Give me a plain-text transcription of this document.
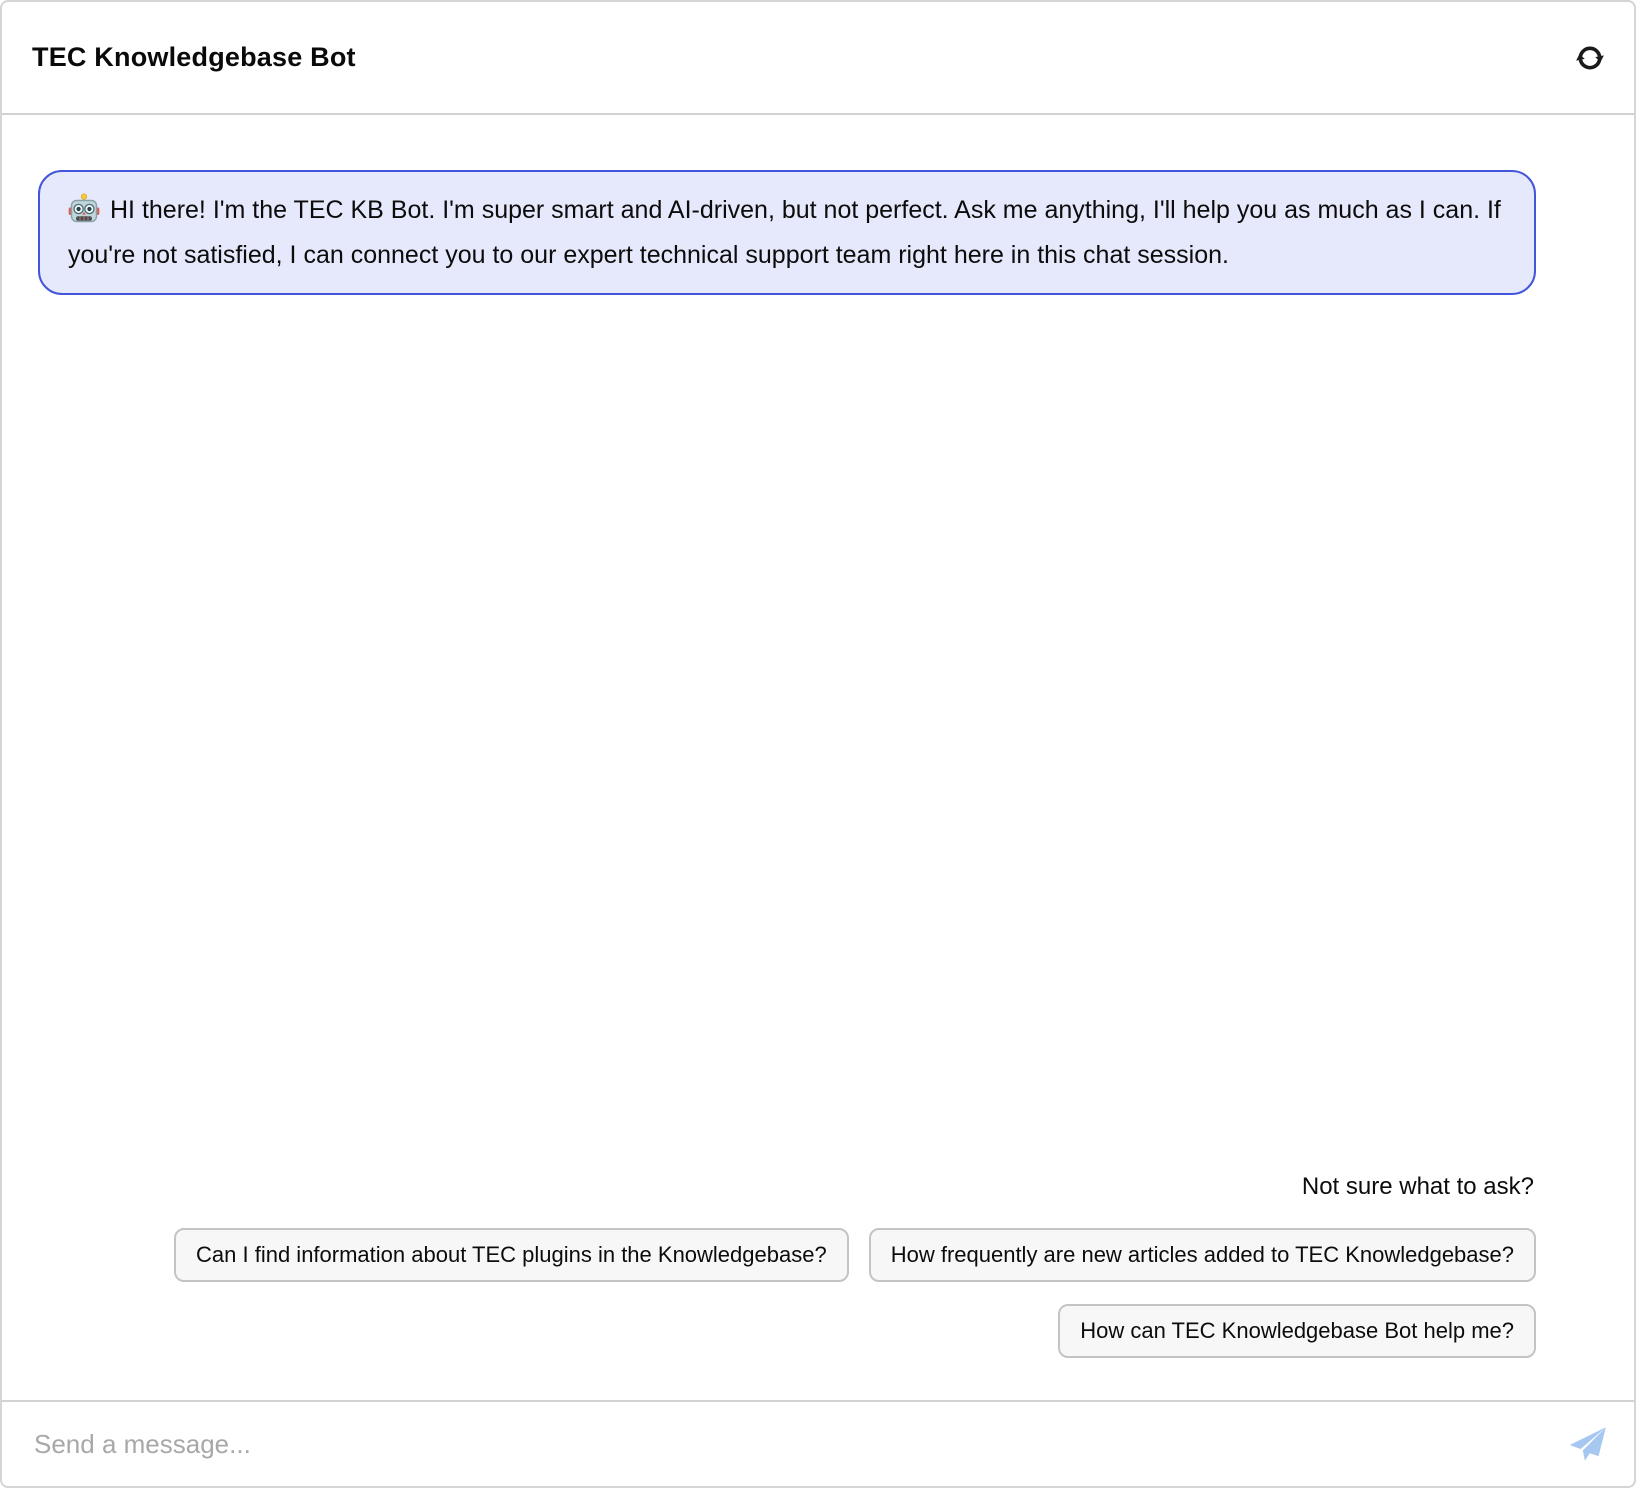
TEC Knowledgebase Bot
HI there! I'm the TEC KB Bot. I'm super smart and AI-driven, but not perfect. Ask me anything, I'll help you as much as I can. If you're not satisfied, I can connect you to our expert technical support team right here in this chat session.
Not sure what to ask?
Can I find information about TEC plugins in the Knowledgebase?	How frequently are new articles added to TEC Knowledgebase?
How can TEC Knowledgebase Bot help me?
Send a message...
